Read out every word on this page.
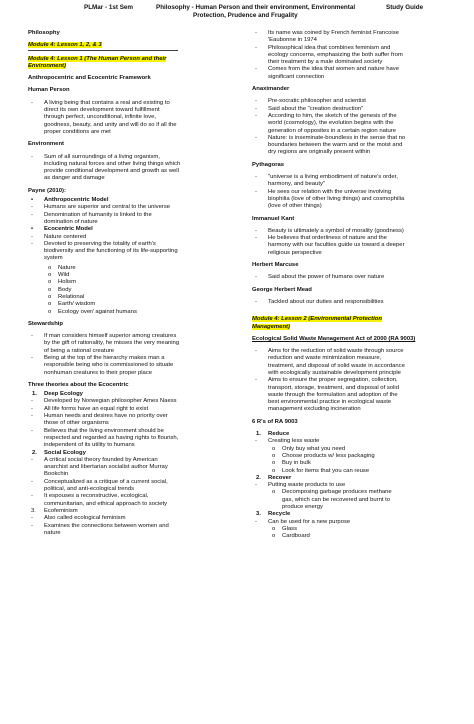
PLMar - 1st Sem	Philosophy - Human Person and their environment, Environmental
Protection, Prudence and Frugality
Study Guide

Philosophy

Module 4: Lesson 1, 2, & 3

Module 4: Lesson 1 (The Human Person and their
Environment)

Anthropocentric and Ecocentric Framework

Human Person

- A living being that contains a real and existing to
direct its own development toward fulfillment
through perfect, unconditional, infinite love,
goodness, beauty, and unity and will do so if all the
proper conditions are met

Environment

- Sum of all surroundings of a living organism,
including natural forces and other living things which
provide conditional development and growth as well
as danger and damage

Payne (2010):

• Anthropocentric Model

- Humans are superior and central to the universe

- Denomination of humanity is linked to the
domination of nature

• Ecocentric Model

- Nature centered

- Devoted to preserving the totality of earth's
biodiversity and the functioning of its life-supporting
system

o Nature

o Wild

o Holism

o Body

o Relational

o Earth/ wisdom

o Ecology over/ against humans

Stewardship

- If man considers himself superior among creatures
by the gift of rationality, he misses the very meaning
of being a rational creature

- Being at the top of the hierarchy makes man a
responsible being who is commissioned to situate
nonhuman creatures to their proper place

Three theories about the Ecocentric

1. Deep Ecology

- Developed by Norwegian philosopher Ames Naess

- All life forms have an equal right to exist

- Human needs and desires have no priority over
those of other organisms

- Believes that the living environment should be
respected and regarded as having rights to flourish,
independent of its utility to humans

2. Social Ecology

- A critical social theory founded by American
anarchist and libertarian socialist author Murray
Bookchin

- Conceptualized as a critique of a current social,
political, and anti-ecological trends

- It espouses a reconstructive, ecological,
communitarian, and ethical approach to society

3. Ecofeminism

- Also called ecological feminism

- Examines the connections between women and
nature

- Its name was coined by French feminist Francoise
'Eaubonne in 1974

- Philosophical idea that combines feminism and
ecology concerns, emphasizing the both suffer from
their treatment by a male dominated society

- Comes from the idea that women and nature have
significant connection

Anaximander

- Pre-socratic philosopher and scientist

- Said about the "creation destruction"

- According to him, the sketch of the genesis of the
world (cosmology), the evolution begins with the
generation of opposites in a certain region nature

- Nature: is inseminate-boundless in the sense that no
boundaries between the warm and or the moist and
dry regions are originally present within

Pythagoras

- "universe is a living embodiment of nature's order,
harmony, and beauty"

- He sees our relation with the universe involving
biophilia (love of other living things) and cosmophilia
(love of other things)

Immanuel Kant

- Beauty is ultimately a symbol of morality (goodness)

- He believes that orderliness of nature and the
harmony with our faculties guide us toward a deeper
religious perspective

Herbert Marcuse

- Said about the power of humans over nature

George Herbert Mead

- Tackled about our duties and responsibilities

Module 4: Lesson 2 (Environmental Protection
Management)

Ecological Solid Waste Management Act of 2000 (RA 9003)

- Aims for the reduction of solid waste through source
reduction and waste minimization measure,
treatment, and disposal of solid waste in accordance
with ecologically sustainable development principle

- Aims to ensure the proper segregation, collection,
transport, storage, treatment, and disposal of solid
waste through the formulation and adoption of the
best environmental practice in ecological waste
management excluding incineration

6 R's of RA 9003

1. Reduce

- Creating less waste

o Only buy what you need

o Choose products w/ less packaging

o Buy in bulk

o Look for items that you can reuse

2. Recover

- Putting waste products to use

o Decomposing garbage produces methane
gas, which can be recovered and burnt to
produce energy

3. Recycle

- Can be used for a new purpose

o Glass

o Cardboard
